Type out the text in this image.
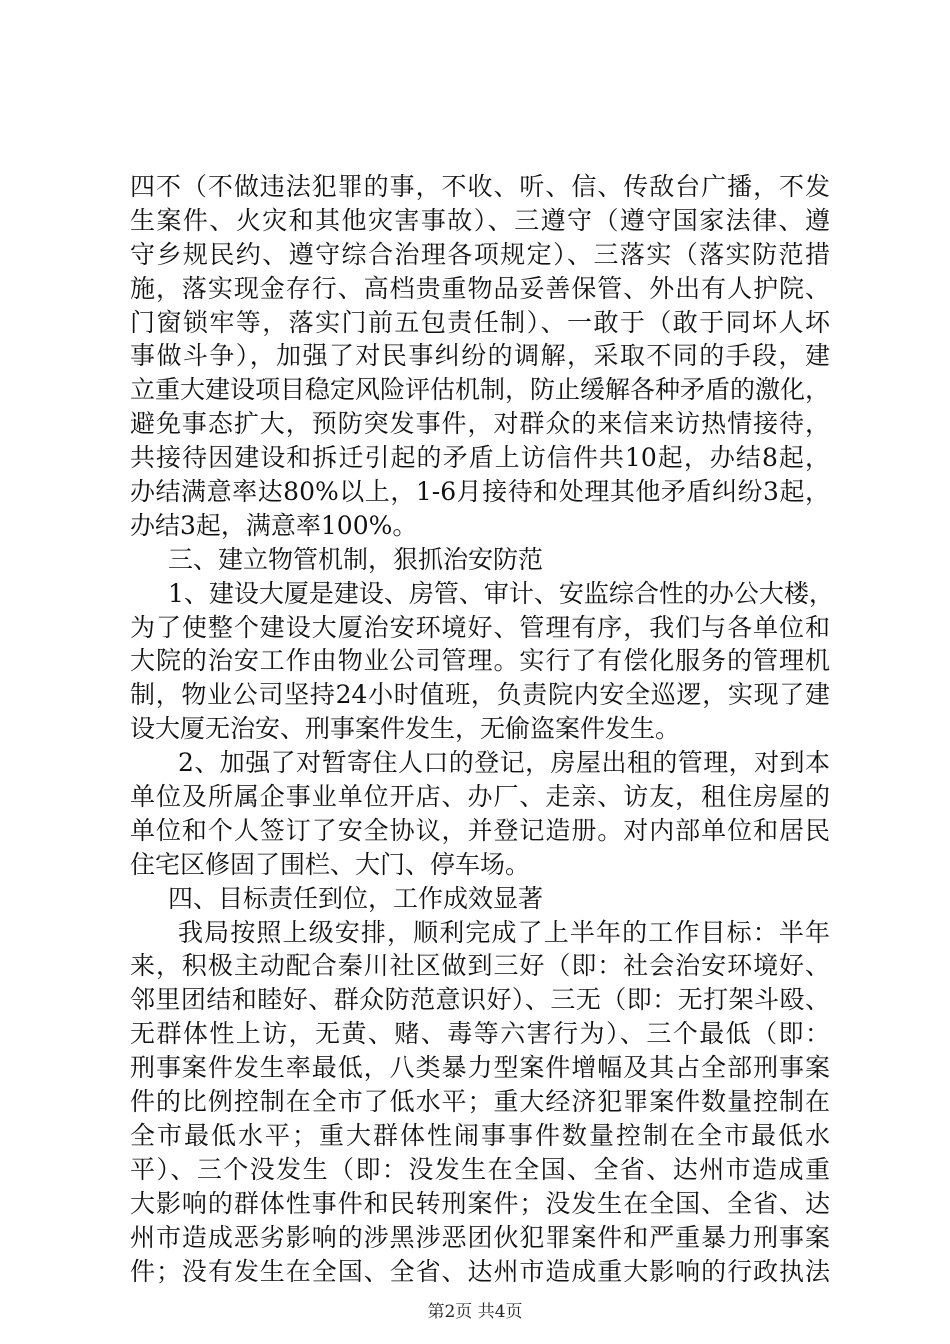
四不（不做违法犯罪的事，不收、听、信、传敌台广播，不发
生案件、火灾和其他灾害事故）、三遵守（遵守国家法律、遵
守乡规民约、遵守综合治理各项规定）、三落实（落实防范措
施，落实现金存行、高档贵重物品妥善保管、外出有人护院、
门窗锁牢等，落实门前五包责任制）、一敢于（敢于同坏人坏
事做斗争），加强了对民事纠纷的调解，采取不同的手段，建
立重大建设项目稳定风险评估机制，防止缓解各种矛盾的激化，
避免事态扩大，预防突发事件，对群众的来信来访热情接待，
共接待因建设和拆迁引起的矛盾上访信件共10起，办结8起，
办结满意率达80%以上，1-6月接待和处理其他矛盾纠纷3起，
办结3起，满意率100%。
三、建立物管机制，狠抓治安防范
1、建设大厦是建设、房管、审计、安监综合性的办公大楼，
为了使整个建设大厦治安环境好、管理有序，我们与各单位和
大院的治安工作由物业公司管理。实行了有偿化服务的管理机
制，物业公司坚持24小时值班，负责院内安全巡逻，实现了建
设大厦无治安、刑事案件发生，无偷盗案件发生。
2、加强了对暂寄住人口的登记，房屋出租的管理，对到本
单位及所属企事业单位开店、办厂、走亲、访友，租住房屋的
单位和个人签订了安全协议，并登记造册。对内部单位和居民
住宅区修固了围栏、大门、停车场。
四、目标责任到位，工作成效显著
我局按照上级安排，顺利完成了上半年的工作目标：半年
来，积极主动配合秦川社区做到三好（即：社会治安环境好、
邻里团结和睦好、群众防范意识好）、三无（即：无打架斗殴、
无群体性上访，无黄、赌、毒等六害行为）、三个最低（即：
刑事案件发生率最低，八类暴力型案件增幅及其占全部刑事案
件的比例控制在全市了低水平；重大经济犯罪案件数量控制在
全市最低水平；重大群体性闹事事件数量控制在全市最低水
平）、三个没发生（即：没发生在全国、全省、达州市造成重
大影响的群体性事件和民转刑案件；没发生在全国、全省、达
州市造成恶劣影响的涉黑涉恶团伙犯罪案件和严重暴力刑事案
件；没有发生在全国、全省、达州市造成重大影响的行政执法
第2页 共4页
